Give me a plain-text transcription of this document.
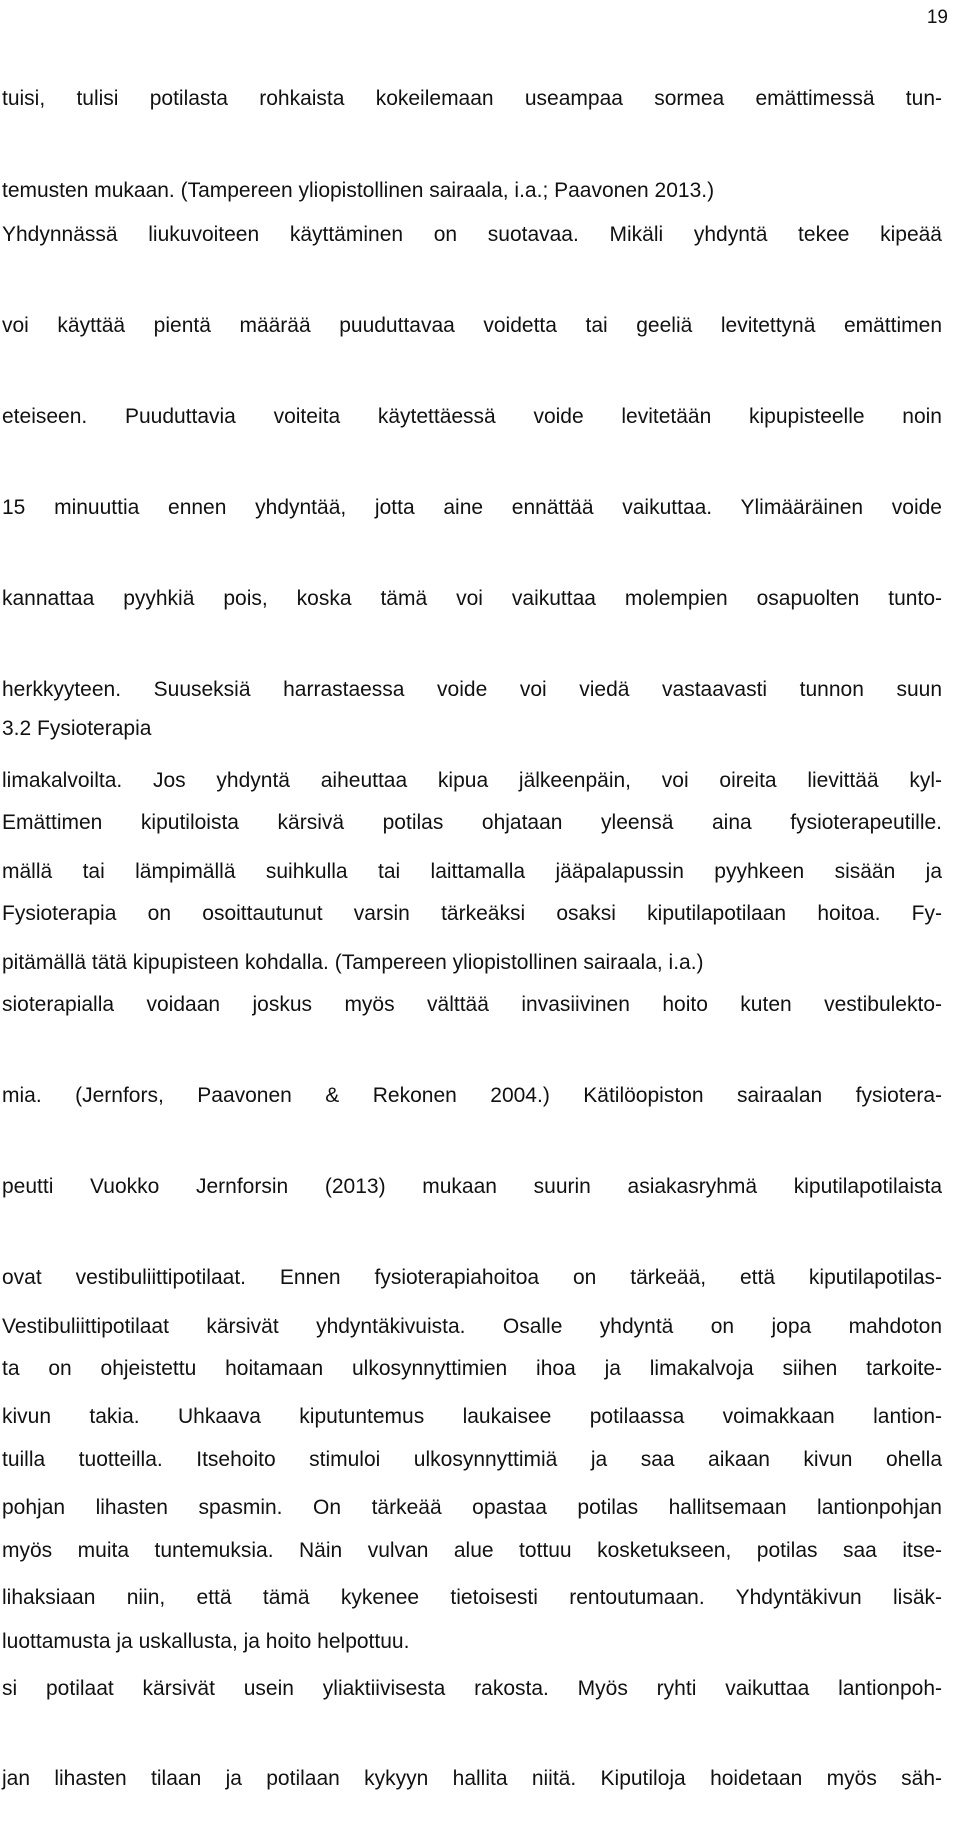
19
tuisi, tulisi potilasta rohkaista kokeilemaan useampaa sormea emättimessä tun-
temusten mukaan. (Tampereen yliopistollinen sairaala, i.a.; Paavonen 2013.)
Yhdynnässä liukuvoiteen käyttäminen on suotavaa. Mikäli yhdyntä tekee kipeää
voi käyttää pientä määrää puuduttavaa voidetta tai geeliä levitettynä emättimen
eteiseen. Puuduttavia voiteita käytettäessä voide levitetään kipupisteelle noin
15 minuuttia ennen yhdyntää, jotta aine ennättää vaikuttaa. Ylimääräinen voide
kannattaa pyyhkiä pois, koska tämä voi vaikuttaa molempien osapuolten tunto-
herkkyyteen. Suuseksiä harrastaessa voide voi viedä vastaavasti tunnon suun
limakalvoilta. Jos yhdyntä aiheuttaa kipua jälkeenpäin, voi oireita lievittää kyl-
mällä tai lämpimällä suihkulla tai laittamalla jääpalapussin pyyhkeen sisään ja
pitämällä tätä kipupisteen kohdalla. (Tampereen yliopistollinen sairaala, i.a.)
3.2 Fysioterapia
Emättimen kiputiloista kärsivä potilas ohjataan yleensä aina fysioterapeutille.
Fysioterapia on osoittautunut varsin tärkeäksi osaksi kiputilapotilaan hoitoa. Fy-
sioterapialla voidaan joskus myös välttää invasiivinen hoito kuten vestibulekto-
mia. (Jernfors, Paavonen & Rekonen 2004.) Kätilöopiston sairaalan fysiotera-
peutti Vuokko Jernforsin (2013) mukaan suurin asiakasryhmä kiputilapotilaista
ovat vestibuliittipotilaat. Ennen fysioterapiahoitoa on tärkeää, että kiputilapotilas-
ta on ohjeistettu hoitamaan ulkosynnyttimien ihoa ja limakalvoja siihen tarkoite-
tuilla tuotteilla. Itsehoito stimuloi ulkosynnyttimiä ja saa aikaan kivun ohella
myös muita tuntemuksia. Näin vulvan alue tottuu kosketukseen, potilas saa itse-
luottamusta ja uskallusta, ja hoito helpottuu.
Vestibuliittipotilaat kärsivät yhdyntäkivuista. Osalle yhdyntä on jopa mahdoton
kivun takia. Uhkaava kiputuntemus laukaisee potilaassa voimakkaan lantion-
pohjan lihasten spasmin. On tärkeää opastaa potilas hallitsemaan lantionpohjan
lihaksiaan niin, että tämä kykenee tietoisesti rentoutumaan. Yhdyntäkivun lisäk-
si potilaat kärsivät usein yliaktiivisesta rakosta. Myös ryhti vaikuttaa lantionpoh-
jan lihasten tilaan ja potilaan kykyyn hallita niitä. Kiputiloja hoidetaan myös säh-
